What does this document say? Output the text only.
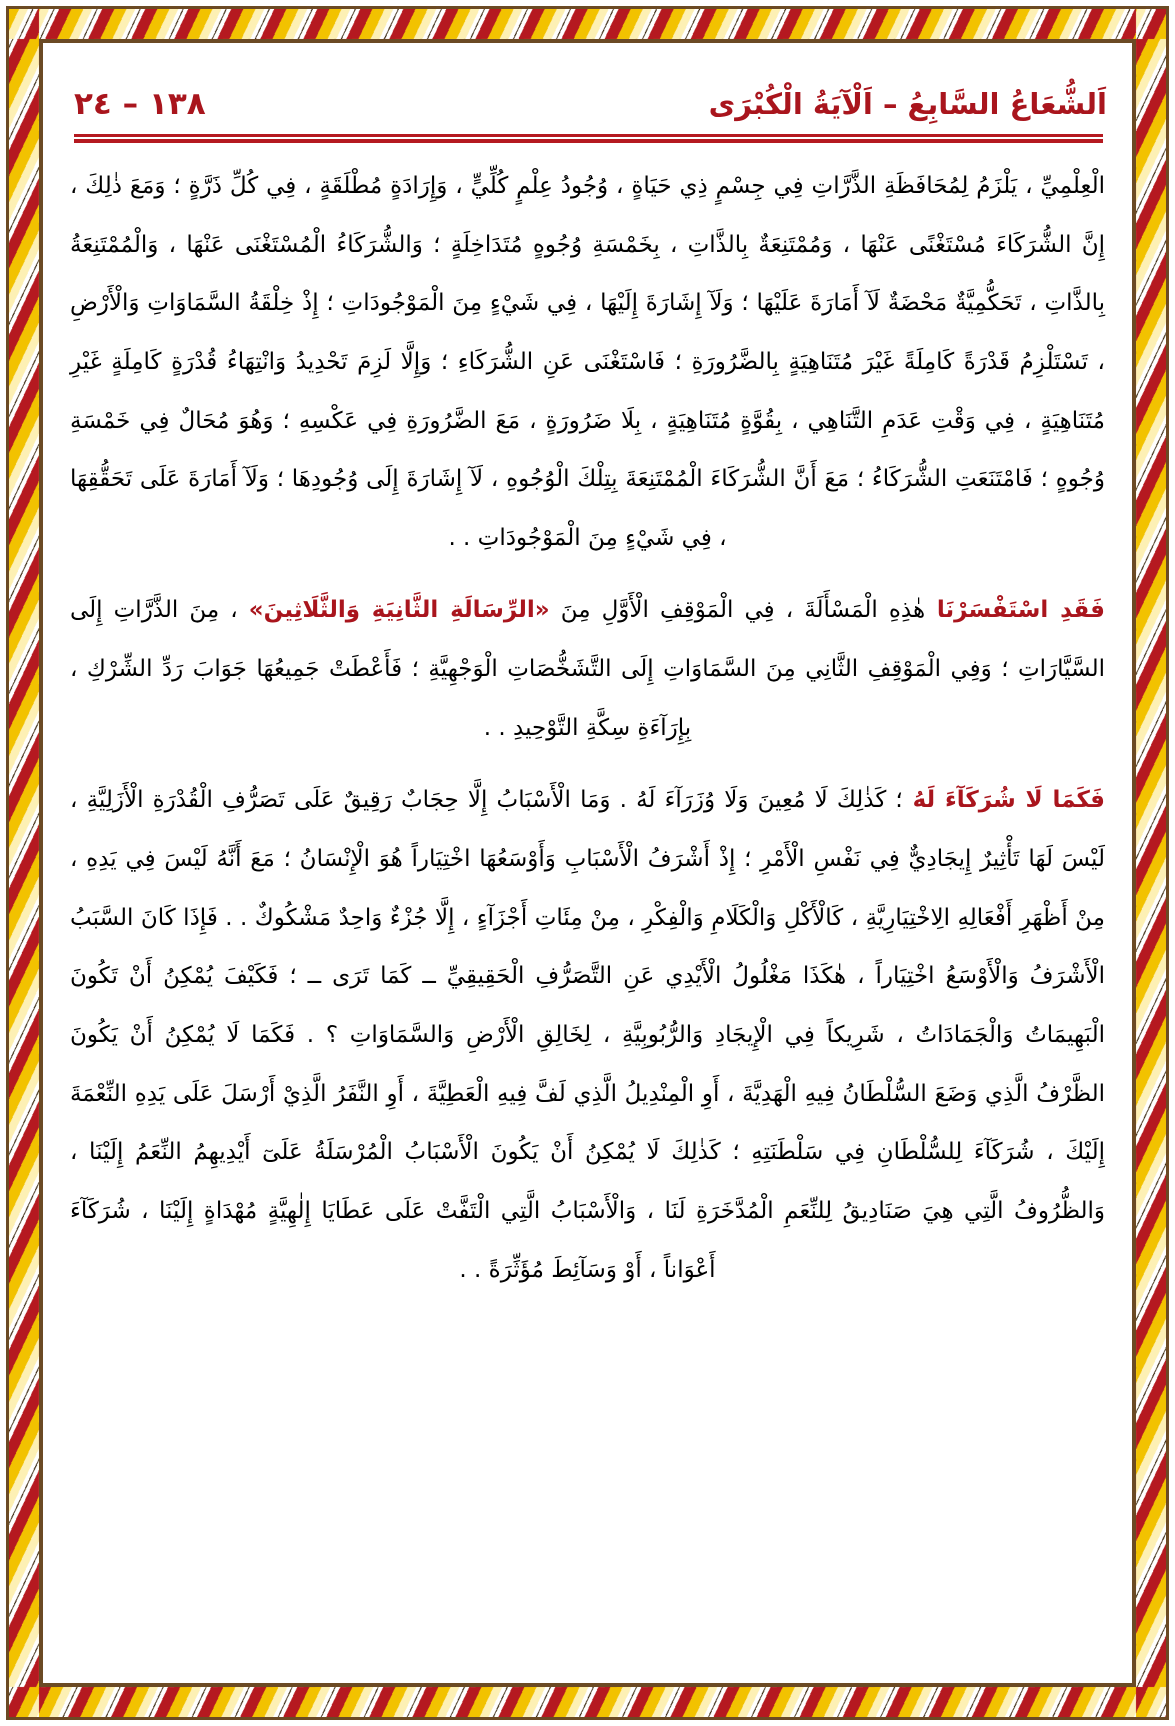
اَلشُّعَاعُ السَّابِعُ – اَلْآيَةُ الْكُبْرَى
١٣٨ – ٢٤

الْعِلْمِيِّ ، يَلْزَمُ لِمُحَافَظَةِ الذَّرَّاتِ فِي جِسْمٍ ذِي حَيَاةٍ ، وُجُودُ عِلْمٍ كُلِّيٍّ ، وَإِرَادَةٍ مُطْلَقَةٍ ، فِي كُلِّ ذَرَّةٍ ؛ وَمَعَ ذٰلِكَ ، إِنَّ الشُّرَكَاءَ مُسْتَغْنًى عَنْهَا ، وَمُمْتَنِعَةٌ بِالذَّاتِ ، بِخَمْسَةِ وُجُوهٍ مُتَدَاخِلَةٍ ؛ وَالشُّرَكَاءُ الْمُسْتَغْنَى عَنْهَا ، وَالْمُمْتَنِعَةُ بِالذَّاتِ ، تَحَكُّمِيَّةٌ مَحْضَةٌ لَآ أَمَارَةَ عَلَيْهَا ؛ وَلَآ إِشَارَةَ إِلَيْهَا ، فِي شَيْءٍ مِنَ الْمَوْجُودَاتِ ؛ إِذْ خِلْقَةُ السَّمَاوَاتِ وَالْأَرْضِ ، تَسْتَلْزِمُ قَدْرَةً كَامِلَةً غَيْرَ مُتَنَاهِيَةٍ بِالضَّرُورَةِ ؛ فَاسْتَغْنَى عَنِ الشُّرَكَاءِ ؛ وَإِلَّا لَزِمَ تَحْدِيدُ وَانْتِهَاءُ قُدْرَةٍ كَامِلَةٍ غَيْرِ مُتَنَاهِيَةٍ ، فِي وَقْتِ عَدَمِ التَّنَاهِي ، بِقُوَّةٍ مُتَنَاهِيَةٍ ، بِلَا ضَرُورَةٍ ، مَعَ الضَّرُورَةِ فِي عَكْسِهِ ؛ وَهُوَ مُحَالٌ فِي خَمْسَةِ وُجُوهٍ ؛ فَامْتَنَعَتِ الشُّرَكَاءُ ؛ مَعَ أَنَّ الشُّرَكَاءَ الْمُمْتَنِعَةَ بِتِلْكَ الْوُجُوهِ ، لَآ إِشَارَةَ إِلَى وُجُودِهَا ؛ وَلَآ أَمَارَةَ عَلَى تَحَقُّقِهَا ، فِي شَيْءٍ مِنَ الْمَوْجُودَاتِ . .

فَقَدِ اسْتَفْسَرْنَا هٰذِهِ الْمَسْأَلَةَ ، فِي الْمَوْقِفِ الْأَوَّلِ مِنَ «الرِّسَالَةِ الثَّانِيَةِ وَالثَّلَاثِينَ» ، مِنَ الذَّرَّاتِ إِلَى السَّيَّارَاتِ ؛ وَفِي الْمَوْقِفِ الثَّانِي مِنَ السَّمَاوَاتِ إِلَى التَّشَخُّصَاتِ الْوَجْهِيَّةِ ؛ فَأَعْطَتْ جَمِيعُهَا جَوَابَ رَدِّ الشِّرْكِ ، بِإِرَآءَةِ سِكَّةِ التَّوْحِيدِ . .

فَكَمَا لَا شُرَكَآءَ لَهُ ؛ كَذٰلِكَ لَا مُعِينَ وَلَا وُزَرَآءَ لَهُ . وَمَا الْأَسْبَابُ إِلَّا حِجَابٌ رَقِيقٌ عَلَى تَصَرُّفِ الْقُدْرَةِ الْأَزَلِيَّةِ ، لَيْسَ لَهَا تَأْثِيرٌ إِيجَادِيٌّ فِي نَفْسِ الْأَمْرِ ؛ إِذْ أَشْرَفُ الْأَسْبَابِ وَأَوْسَعُهَا اخْتِيَاراً هُوَ الْإِنْسَانُ ؛ مَعَ أَنَّهُ لَيْسَ فِي يَدِهِ ، مِنْ أَظْهَرِ أَفْعَالِهِ الِاخْتِيَارِيَّةِ ، كَالْأَكْلِ وَالْكَلَامِ وَالْفِكْرِ ، مِنْ مِئَاتِ أَجْزَآءٍ ، إِلَّا جُزْءٌ وَاحِدٌ مَشْكُوكٌ . . فَإِذَا كَانَ السَّبَبُ الْأَشْرَفُ وَالْأَوْسَعُ اخْتِيَاراً ، هٰكَذَا مَغْلُولُ الْأَيْدِي عَنِ التَّصَرُّفِ الْحَقِيقِيِّ ــ كَمَا تَرَى ــ ؛ فَكَيْفَ يُمْكِنُ أَنْ تَكُونَ الْبَهِيمَاتُ وَالْجَمَادَاتُ ، شَرِيكاً فِي الْإِيجَادِ وَالرُّبُوبِيَّةِ ، لِخَالِقِ الْأَرْضِ وَالسَّمَاوَاتِ ؟ . فَكَمَا لَا يُمْكِنُ أَنْ يَكُونَ الظَّرْفُ الَّذِي وَضَعَ السُّلْطَانُ فِيهِ الْهَدِيَّةَ ، أَوِ الْمِنْدِيلُ الَّذِي لَفَّ فِيهِ الْعَطِيَّةَ ، أَوِ النَّفَرُ الَّذِيْ أَرْسَلَ عَلَى يَدِهِ النِّعْمَةَ إِلَيْكَ ، شُرَكَآءَ لِلسُّلْطَانِ فِي سَلْطَنَتِهِ ؛ كَذٰلِكَ لَا يُمْكِنُ أَنْ يَكُونَ الْأَسْبَابُ الْمُرْسَلَةُ عَلَىٓ أَيْدِيهِمُ النِّعَمُ إِلَيْنَا ، وَالظُّرُوفُ الَّتِي هِيَ صَنَادِيقُ لِلنِّعَمِ الْمُدَّخَرَةِ لَنَا ، وَالْأَسْبَابُ الَّتِي الْتَفَّتْ عَلَى عَطَايَا إِلٰهِيَّةٍ مُهْدَاةٍ إِلَيْنَا ، شُرَكَآءَ أَعْوَاناً ، أَوْ وَسَآئِطَ مُؤَثِّرَةً . .
